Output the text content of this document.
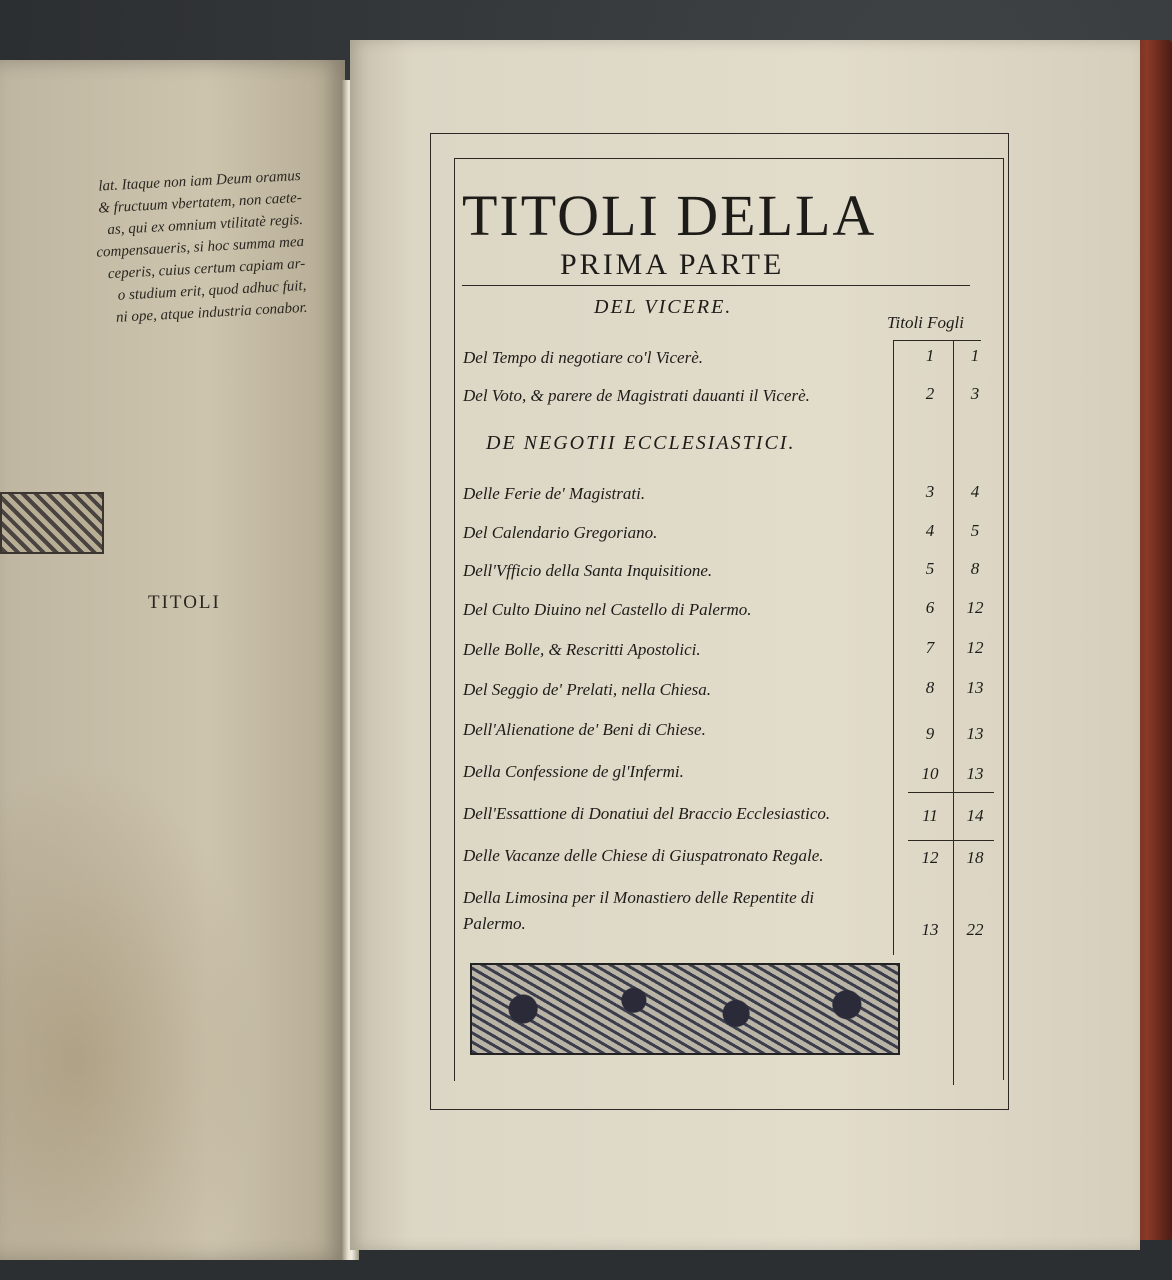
lat. Itaque non iam Deum oramus
& fructuum vbertatem, non caete-
as, qui ex omnium vtilitatè regis.
compensaueris, si hoc summa mea
ceperis, cuius certum capiam ar-
o studium erit, quod adhuc fuit,
ni ope, atque industria conabor.
TITOLI
TITOLI DELLA
PRIMA PARTE
DEL VICERE.
Titoli Fogli
DE NEGOTII ECCLESIASTICI.
Del Tempo di negotiare co'l Vicerè.	1	1
Del Voto, & parere de Magistrati dauanti il Vicerè.	2	3
Delle Ferie de' Magistrati.	3	4
Del Calendario Gregoriano.	4	5
Dell'Vfficio della Santa Inquisitione.	5	8
Del Culto Diuino nel Castello di Palermo.	6	12
Delle Bolle, & Rescritti Apostolici.	7	12
Del Seggio de' Prelati, nella Chiesa.	8	13
Dell'Alienatione de' Beni di Chiese.	9	13
Della Confessione de gl'Infermi.	10	13
Dell'Essattione di Donatiui del Braccio Ecclesiastico.	11	14
Delle Vacanze delle Chiese di Giuspatronato Regale.	12	18
Della Limosina per il Monastiero delle Repentite di
Palermo.	13	22
